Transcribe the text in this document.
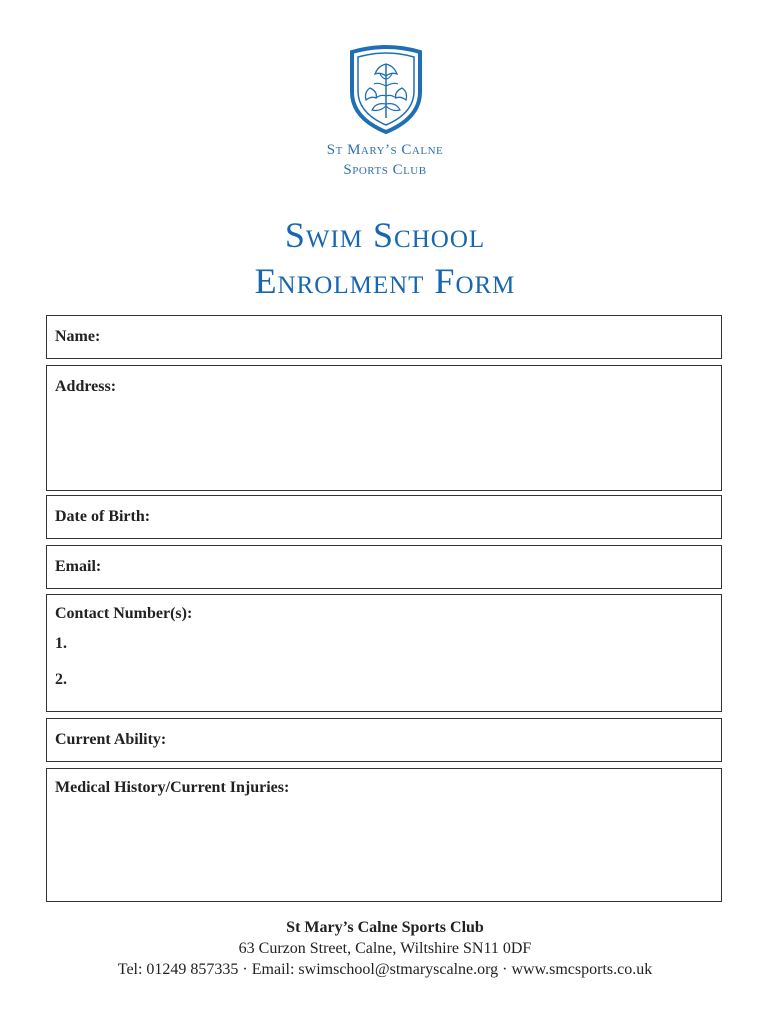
St Mary’s Calne
Sports Club
Swim School
Enrolment Form
Name:
Address:
Date of Birth:
Email:
Contact Number(s):
1.
2.
Current Ability:
Medical History/Current Injuries:
St Mary’s Calne Sports Club
63 Curzon Street, Calne, Wiltshire SN11 0DF
Tel: 01249 857335 · Email: swimschool@stmaryscalne.org · www.smcsports.co.uk
